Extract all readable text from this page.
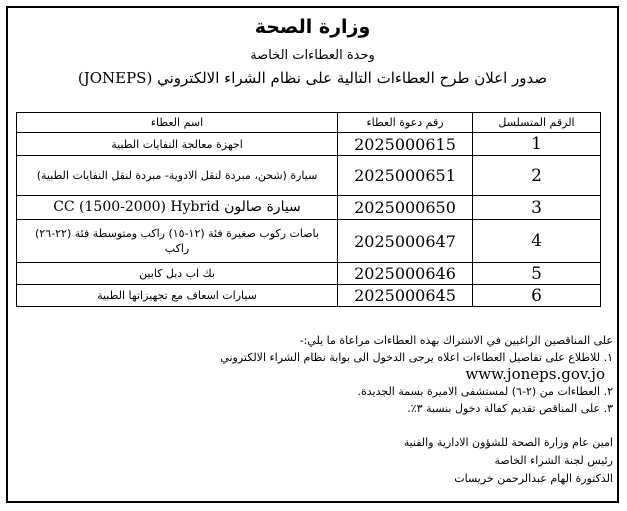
وزارة الصحة
وحدة العطاءات الخاصة
صدور اعلان طرح العطاءات التالية على نظام الشراء الالكتروني (JONEPS)
الرقم المتسلسل	رقم دعوة العطاء	اسم العطاء
1	2025000615	اجهزة معالجة النفايات الطبية
2	2025000651	سيارة (شحن، مبردة لنقل الادوية- مبردة لنقل النفايات الطبية)
3	2025000650	سيارة صالون CC (1500-2000) Hybrid
4	2025000647	باصات ركوب صغيرة فئة (١٢-١٥) راكب ومتوسطة فئة (٢٢-٢٦) راكب
5	2025000646	بك اب دبل كابين
6	2025000645	سيارات اسعاف مع تجهيزاتها الطبية
على المناقصين الراغبين في الاشتراك بهذه العطاءات مراعاة ما يلي:-
١. للاطلاع على تفاصيل العطاءات اعلاه يرجى الدخول الى بوابة نظام الشراء الالكتروني
www.joneps.gov.jo
٢. العطاءات من (٢-٦) لمستشفى الاميرة بسمة الجديدة.
٣. على المناقص تقديم كفالة دخول بنسبة ٣٪.
امين عام وزارة الصحة للشؤون الادارية والفنية
رئيس لجنة الشراء الخاصة
الدكتورة الهام عبدالرحمن خريسات
